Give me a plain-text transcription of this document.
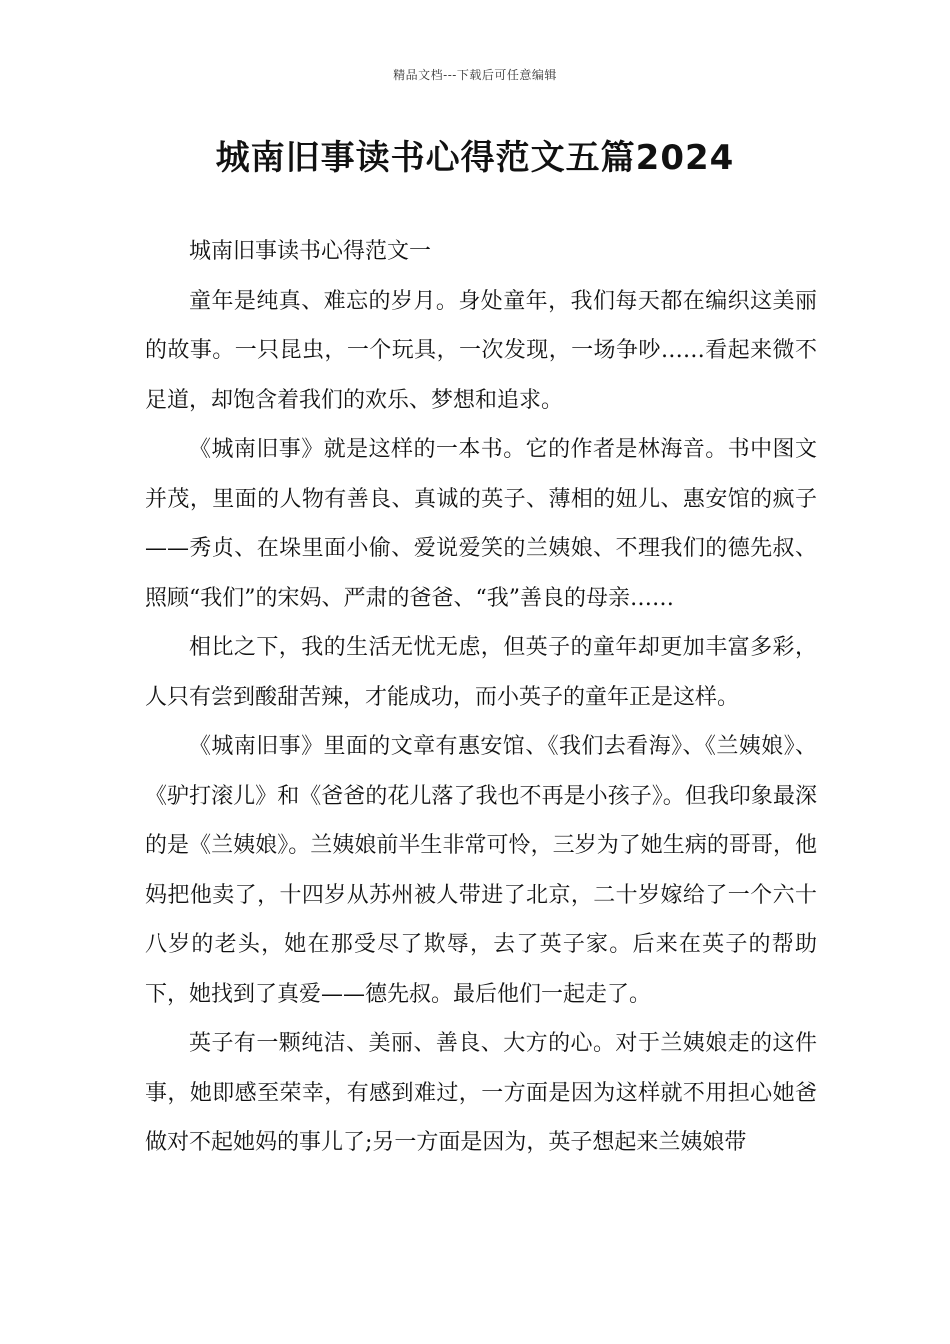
精品文档---下载后可任意编辑
城南旧事读书心得范文五篇2024

城南旧事读书心得范文一

童年是纯真、难忘的岁月。身处童年，我们每天都在编织这美丽的故事。一只昆虫，一个玩具，一次发现，一场争吵……看起来微不足道，却饱含着我们的欢乐、梦想和追求。

《城南旧事》就是这样的一本书。它的作者是林海音。书中图文并茂，里面的人物有善良、真诚的英子、薄相的妞儿、惠安馆的疯子——秀贞、在垛里面小偷、爱说爱笑的兰姨娘、不理我们的德先叔、照顾“我们”的宋妈、严肃的爸爸、“我”善良的母亲……

相比之下，我的生活无忧无虑，但英子的童年却更加丰富多彩，人只有尝到酸甜苦辣，才能成功，而小英子的童年正是这样。

《城南旧事》里面的文章有惠安馆、《我们去看海》、《兰姨娘》、《驴打滚儿》和《爸爸的花儿落了我也不再是小孩子》。但我印象最深的是《兰姨娘》。兰姨娘前半生非常可怜，三岁为了她生病的哥哥，他妈把他卖了，十四岁从苏州被人带进了北京，二十岁嫁给了一个六十八岁的老头，她在那受尽了欺辱，去了英子家。后来在英子的帮助下，她找到了真爱——德先叔。最后他们一起走了。

英子有一颗纯洁、美丽、善良、大方的心。对于兰姨娘走的这件事，她即感至荣幸，有感到难过，一方面是因为这样就不用担心她爸做对不起她妈的事儿了;另一方面是因为，英子想起来兰姨娘带
